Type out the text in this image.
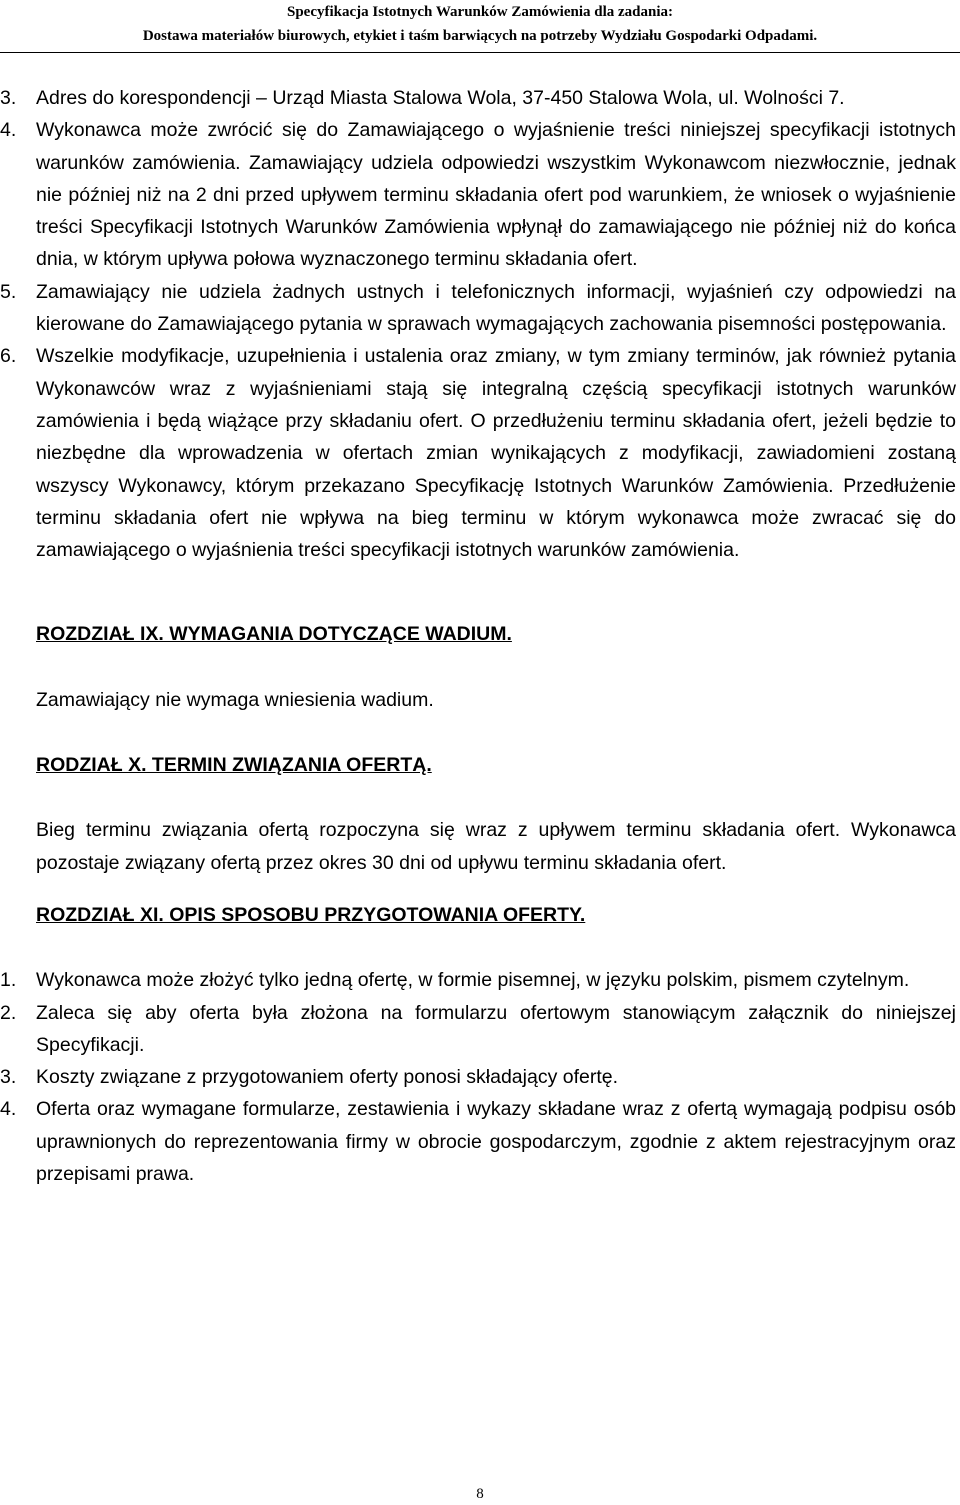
Specyfikacja Istotnych Warunków Zamówienia dla zadania:
Dostawa materiałów biurowych, etykiet i taśm barwiących na potrzeby Wydziału Gospodarki Odpadami.
3. Adres do korespondencji – Urząd Miasta Stalowa Wola, 37-450 Stalowa Wola, ul. Wolności 7.
4. Wykonawca może zwrócić się do Zamawiającego o wyjaśnienie treści niniejszej specyfikacji istotnych warunków zamówienia. Zamawiający udziela odpowiedzi wszystkim Wykonawcom niezwłocznie, jednak nie później niż na 2 dni przed upływem terminu składania ofert pod warunkiem, że wniosek o wyjaśnienie treści Specyfikacji Istotnych Warunków Zamówienia wpłynął do zamawiającego nie później niż do końca dnia, w którym upływa połowa wyznaczonego terminu składania ofert.
5. Zamawiający nie udziela żadnych ustnych i telefonicznych informacji, wyjaśnień czy odpowiedzi na kierowane do Zamawiającego pytania w sprawach wymagających zachowania pisemności postępowania.
6. Wszelkie modyfikacje, uzupełnienia i ustalenia oraz zmiany, w tym zmiany terminów, jak również pytania Wykonawców wraz z wyjaśnieniami stają się integralną częścią specyfikacji istotnych warunków zamówienia i będą wiążące przy składaniu ofert. O przedłużeniu terminu składania ofert, jeżeli będzie to niezbędne dla wprowadzenia w ofertach zmian wynikających z modyfikacji, zawiadomieni zostaną wszyscy Wykonawcy, którym przekazano Specyfikację Istotnych Warunków Zamówienia. Przedłużenie terminu składania ofert nie wpływa na bieg terminu w którym wykonawca może zwracać się do zamawiającego o wyjaśnienia treści specyfikacji istotnych warunków zamówienia.
ROZDZIAŁ IX. WYMAGANIA DOTYCZĄCE WADIUM.
Zamawiający nie wymaga wniesienia wadium.
RODZIAŁ X. TERMIN ZWIĄZANIA OFERTĄ.
Bieg terminu związania ofertą rozpoczyna się wraz z upływem terminu składania ofert. Wykonawca pozostaje związany ofertą przez okres 30 dni od upływu terminu składania ofert.
ROZDZIAŁ XI. OPIS SPOSOBU PRZYGOTOWANIA OFERTY.
1. Wykonawca może złożyć tylko jedną ofertę, w formie pisemnej, w języku polskim, pismem czytelnym.
2. Zaleca się aby oferta była złożona na formularzu ofertowym stanowiącym załącznik do niniejszej Specyfikacji.
3. Koszty związane z przygotowaniem oferty ponosi składający ofertę.
4. Oferta oraz wymagane formularze, zestawienia i wykazy składane wraz z ofertą wymagają podpisu osób uprawnionych do reprezentowania firmy w obrocie gospodarczym, zgodnie z aktem rejestracyjnym oraz przepisami prawa.
8
